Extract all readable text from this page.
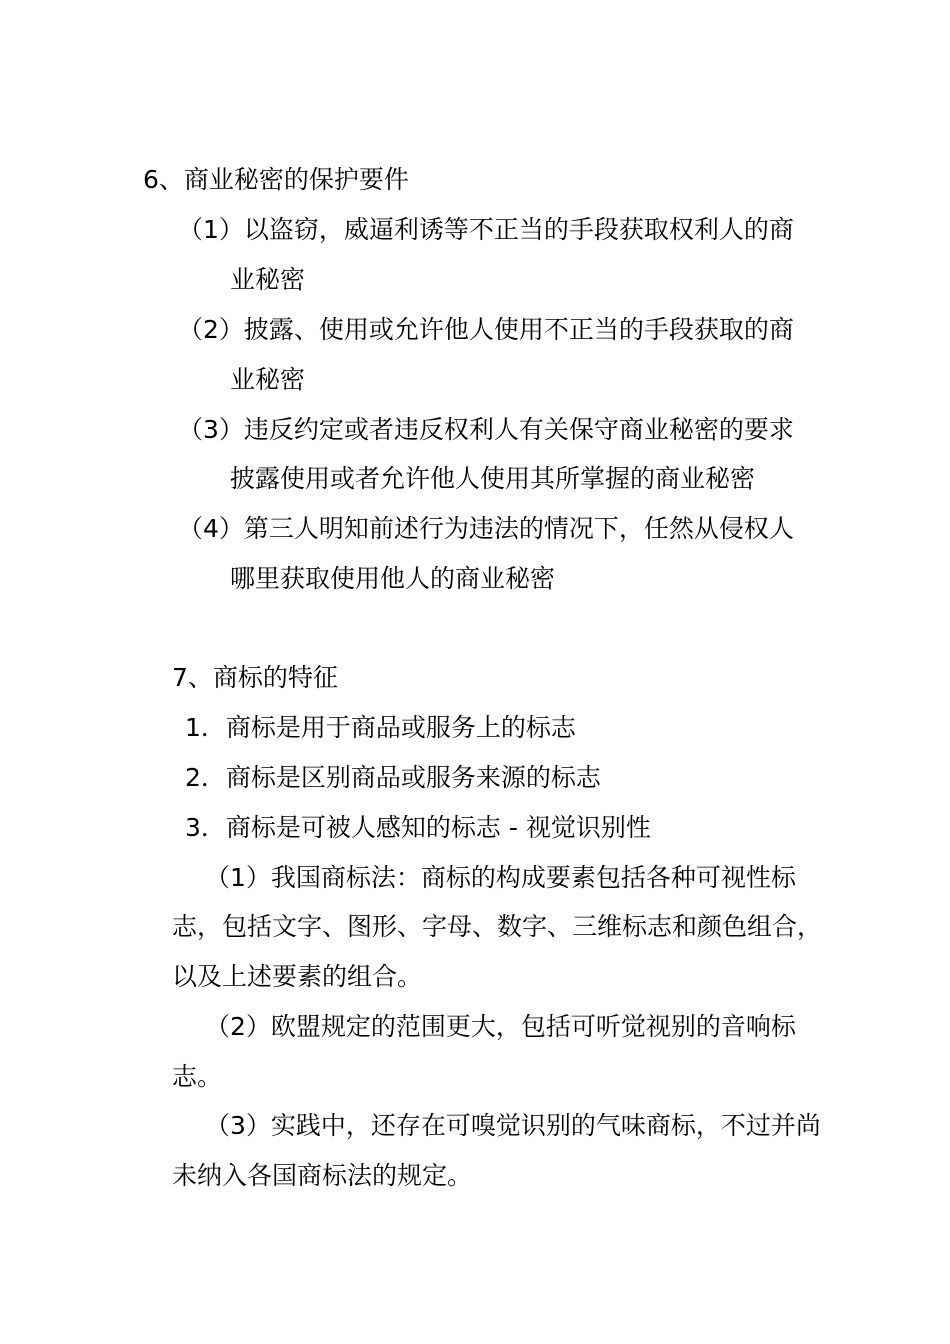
6、商业秘密的保护要件
（1）以盗窃，威逼利诱等不正当的手段获取权利人的商
业秘密
（2）披露、使用或允许他人使用不正当的手段获取的商
业秘密
（3）违反约定或者违反权利人有关保守商业秘密的要求
披露使用或者允许他人使用其所掌握的商业秘密
（4）第三人明知前述行为违法的情况下，任然从侵权人
哪里获取使用他人的商业秘密
7、商标的特征
1．商标是用于商品或服务上的标志
2．商标是区别商品或服务来源的标志
3．商标是可被人感知的标志 - 视觉识别性
（1）我国商标法：商标的构成要素包括各种可视性标
志，包括文字、图形、字母、数字、三维标志和颜色组合，
以及上述要素的组合。
（2）欧盟规定的范围更大，包括可听觉视别的音响标
志。
（3）实践中，还存在可嗅觉识别的气味商标，不过并尚
未纳入各国商标法的规定。
